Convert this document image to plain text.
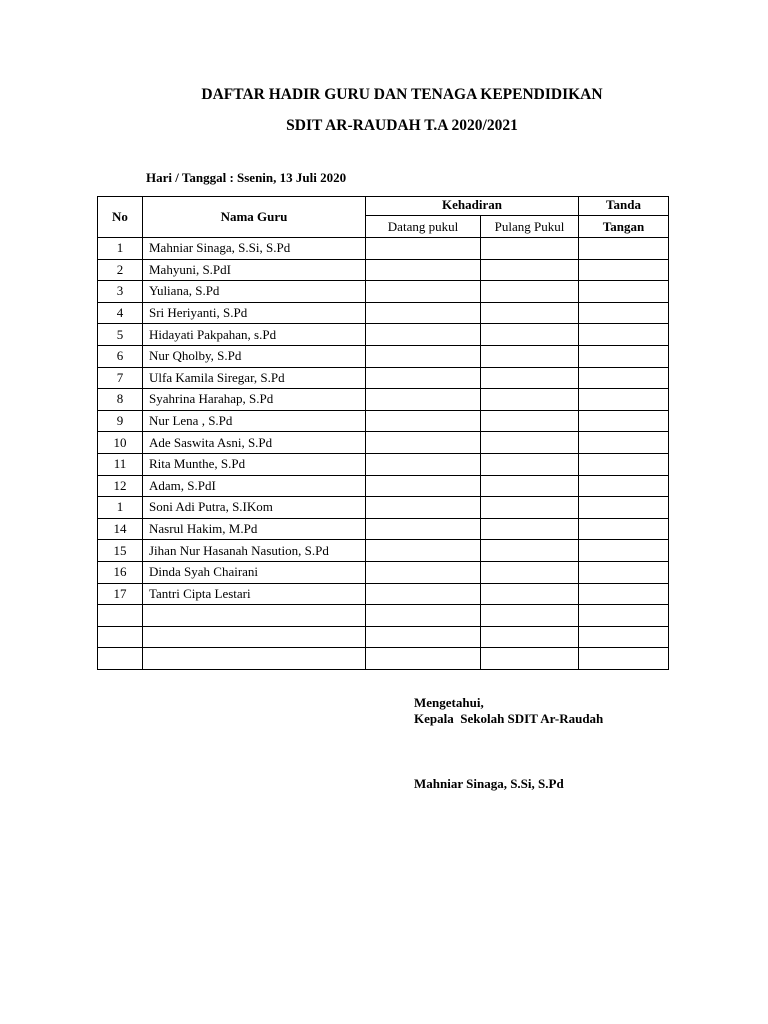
DAFTAR HADIR GURU DAN TENAGA KEPENDIDIKAN
SDIT AR-RAUDAH T.A 2020/2021
Hari / Tanggal : Ssenin, 13 Juli 2020
No	Nama Guru	Kehadiran		Tanda
		Datang pukul	Pulang Pukul	Tangan
1	Mahniar Sinaga, S.Si, S.Pd			
2	Mahyuni, S.PdI			
3	Yuliana, S.Pd			
4	Sri Heriyanti, S.Pd			
5	Hidayati Pakpahan, s.Pd			
6	Nur Qholby, S.Pd			
7	Ulfa Kamila Siregar, S.Pd			
8	Syahrina Harahap, S.Pd			
9	Nur Lena , S.Pd			
10	Ade Saswita Asni, S.Pd			
11	Rita Munthe, S.Pd			
12	Adam, S.PdI			
1	Soni Adi Putra, S.IKom			
14	Nasrul Hakim, M.Pd			
15	Jihan Nur Hasanah Nasution, S.Pd			
16	Dinda Syah Chairani			
17	Tantri Cipta Lestari			

Mengetahui,
Kepala  Sekolah SDIT Ar-Raudah
Mahniar Sinaga, S.Si, S.Pd
